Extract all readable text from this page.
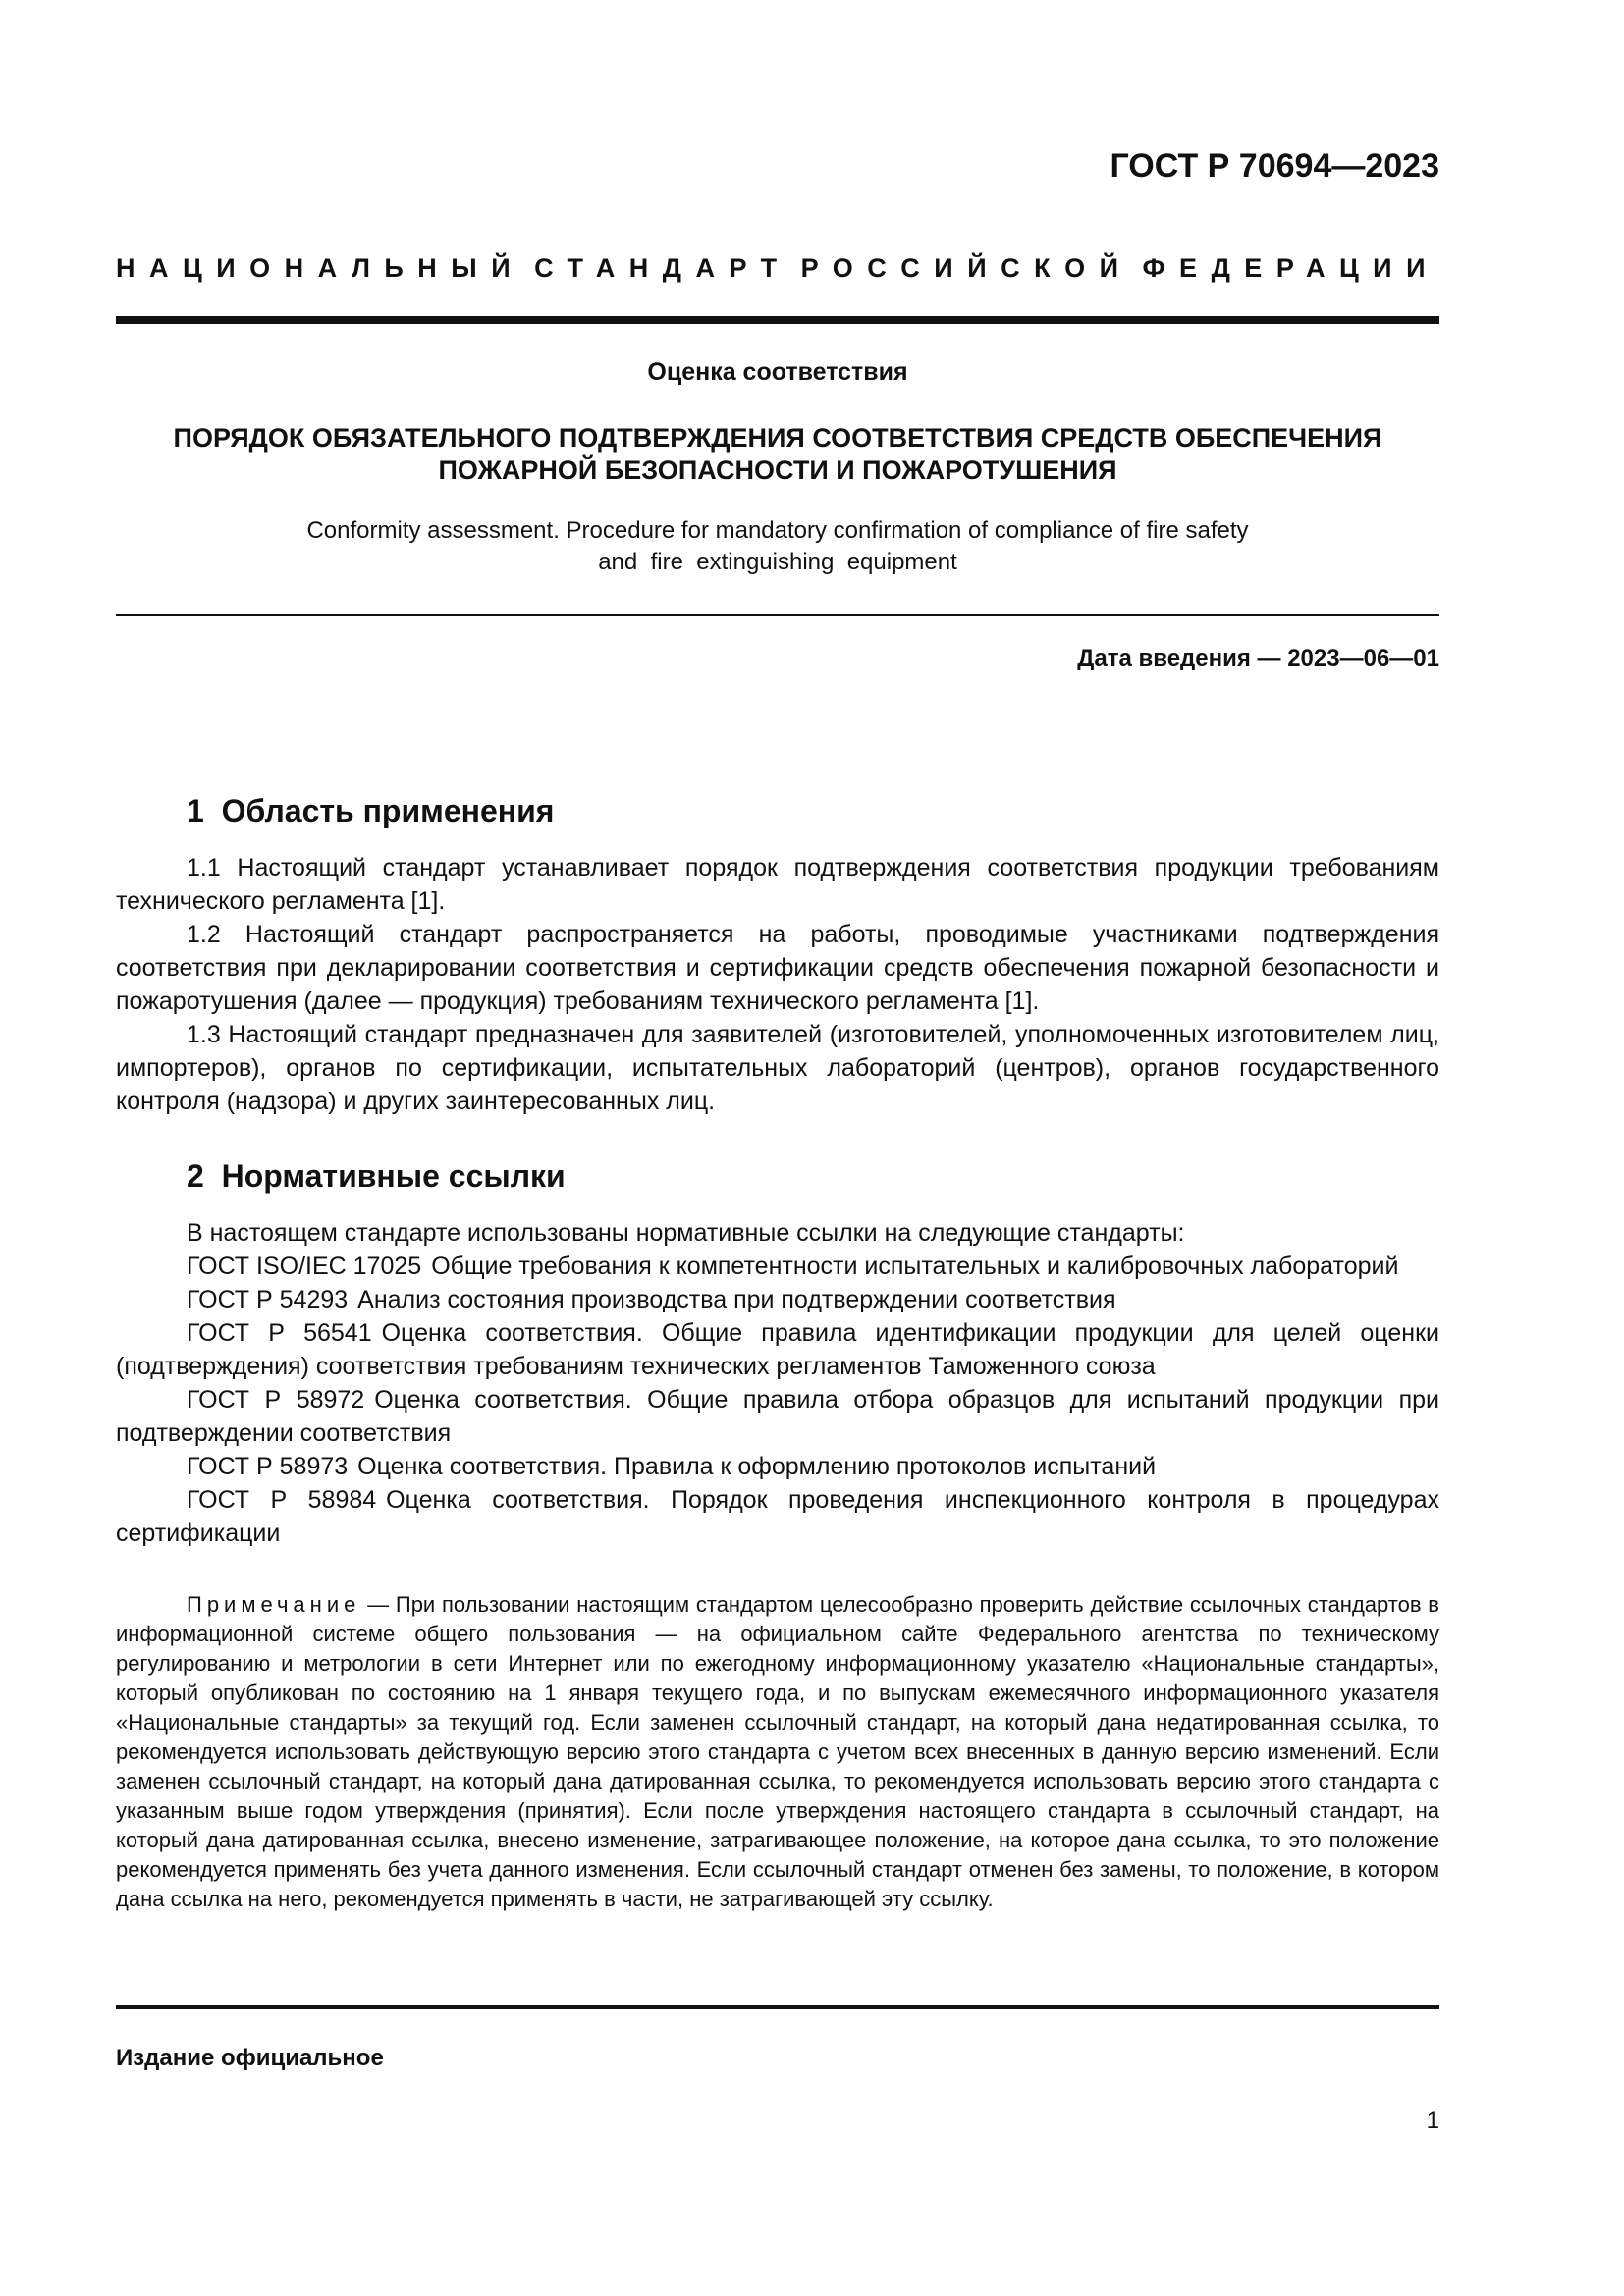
ГОСТ Р 70694—2023
НАЦИОНАЛЬНЫЙ СТАНДАРТ РОССИЙСКОЙ ФЕДЕРАЦИИ
Оценка соответствия
ПОРЯДОК ОБЯЗАТЕЛЬНОГО ПОДТВЕРЖДЕНИЯ СООТВЕТСТВИЯ СРЕДСТВ ОБЕСПЕЧЕНИЯ
ПОЖАРНОЙ БЕЗОПАСНОСТИ И ПОЖАРОТУШЕНИЯ
Conformity assessment. Procedure for mandatory confirmation of compliance of fire safety
and  fire  extinguishing  equipment
Дата введения — 2023—06—01
1  Область применения

1.1 Настоящий стандарт устанавливает порядок подтверждения соответствия продукции требованиям технического регламента [1].

1.2 Настоящий стандарт распространяется на работы, проводимые участниками подтверждения соответствия при декларировании соответствия и сертификации средств обеспечения пожарной безопасности и пожаротушения (далее — продукция) требованиям технического регламента [1].

1.3 Настоящий стандарт предназначен для заявителей (изготовителей, уполномоченных изготовителем лиц, импортеров), органов по сертификации, испытательных лабораторий (центров), органов государственного контроля (надзора) и других заинтересованных лиц.

2  Нормативные ссылки

В настоящем стандарте использованы нормативные ссылки на следующие стандарты:

ГОСТ ISO/IEC 17025 Общие требования к компетентности испытательных и калибровочных лабораторий

ГОСТ Р 54293 Анализ состояния производства при подтверждении соответствия

ГОСТ Р 56541 Оценка соответствия. Общие правила идентификации продукции для целей оценки (подтверждения) соответствия требованиям технических регламентов Таможенного союза

ГОСТ Р 58972 Оценка соответствия. Общие правила отбора образцов для испытаний продукции при подтверждении соответствия

ГОСТ Р 58973 Оценка соответствия. Правила к оформлению протоколов испытаний

ГОСТ Р 58984 Оценка соответствия. Порядок проведения инспекционного контроля в процедурах сертификации

Примечание — При пользовании настоящим стандартом целесообразно проверить действие ссылочных стандартов в информационной системе общего пользования — на официальном сайте Федерального агентства по техническому регулированию и метрологии в сети Интернет или по ежегодному информационному указателю «Национальные стандарты», который опубликован по состоянию на 1 января текущего года, и по выпускам ежемесячного информационного указателя «Национальные стандарты» за текущий год. Если заменен ссылочный стандарт, на который дана недатированная ссылка, то рекомендуется использовать действующую версию этого стандарта с учетом всех внесенных в данную версию изменений. Если заменен ссылочный стандарт, на который дана датированная ссылка, то рекомендуется использовать версию этого стандарта с указанным выше годом утверждения (принятия). Если после утверждения настоящего стандарта в ссылочный стандарт, на который дана датированная ссылка, внесено изменение, затрагивающее положение, на которое дана ссылка, то это положение рекомендуется применять без учета данного изменения. Если ссылочный стандарт отменен без замены, то положение, в котором дана ссылка на него, рекомендуется применять в части, не затрагивающей эту ссылку.

Издание официальное
1
